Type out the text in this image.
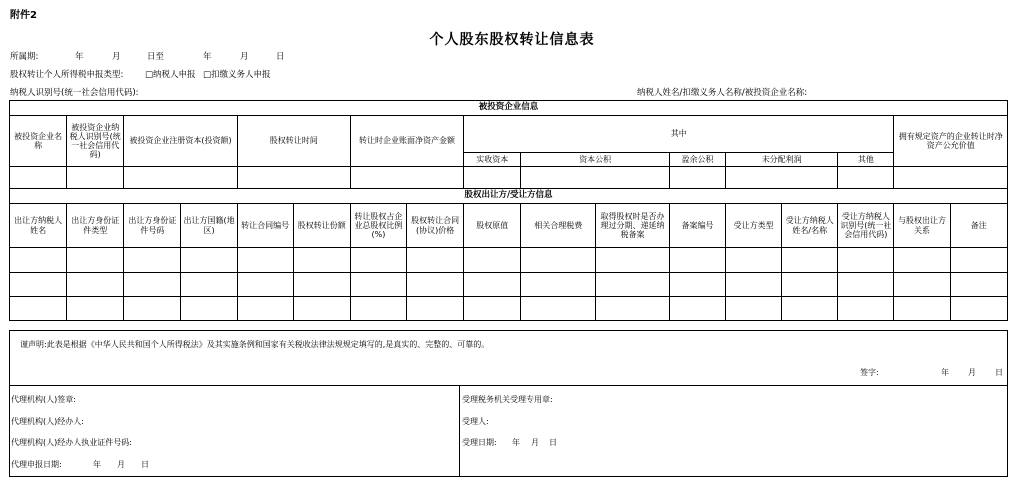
附件2
个人股东股权转让信息表
所属期:	年	月	日至	年	月	日
股权转让个人所得税申报类型:	□纳税人申报 □扣缴义务人申报
纳税人识别号(统一社会信用代码):	纳税人姓名/扣缴义务人名称/被投资企业名称:
被投资企业信息																
被投资企业名称	被投资企业纳税人识别号(统一社会信用代码)	被投资企业注册资本(投资额)		股权转让时间		转让时企业账面净资产金额		其中							拥有规定资产的企业转让时净资产公允价值	
								实收资本	资本公积		盈余公积	未分配利润		其他		

股权出让方/受让方信息																
出让方纳税人姓名	出让方身份证件类型	出让方身份证件号码	出让方国籍(地区)	转让合同编号	股权转让份额	转让股权占企业总股权比例(%)	股权转让合同(协议)价格	股权原值	相关合理税费	取得股权时是否办理过分期、递延纳税备案	备案编号	受让方类型	受让方纳税人姓名/名称	受让方纳税人识别号(统一社会信用代码)	与股权出让方关系	备注

谨声明:此表是根据《中华人民共和国个人所得税法》及其实施条例和国家有关税收法律法规规定填写的,是真实的、完整的、可靠的。
签字:	年 月 日
代理机构(人)签章:
代理机构(人)经办人:
代理机构(人)经办人执业证件号码:
代理申报日期:	年 月 日
受理税务机关受理专用章:
受理人:
受理日期: 年 月 日
